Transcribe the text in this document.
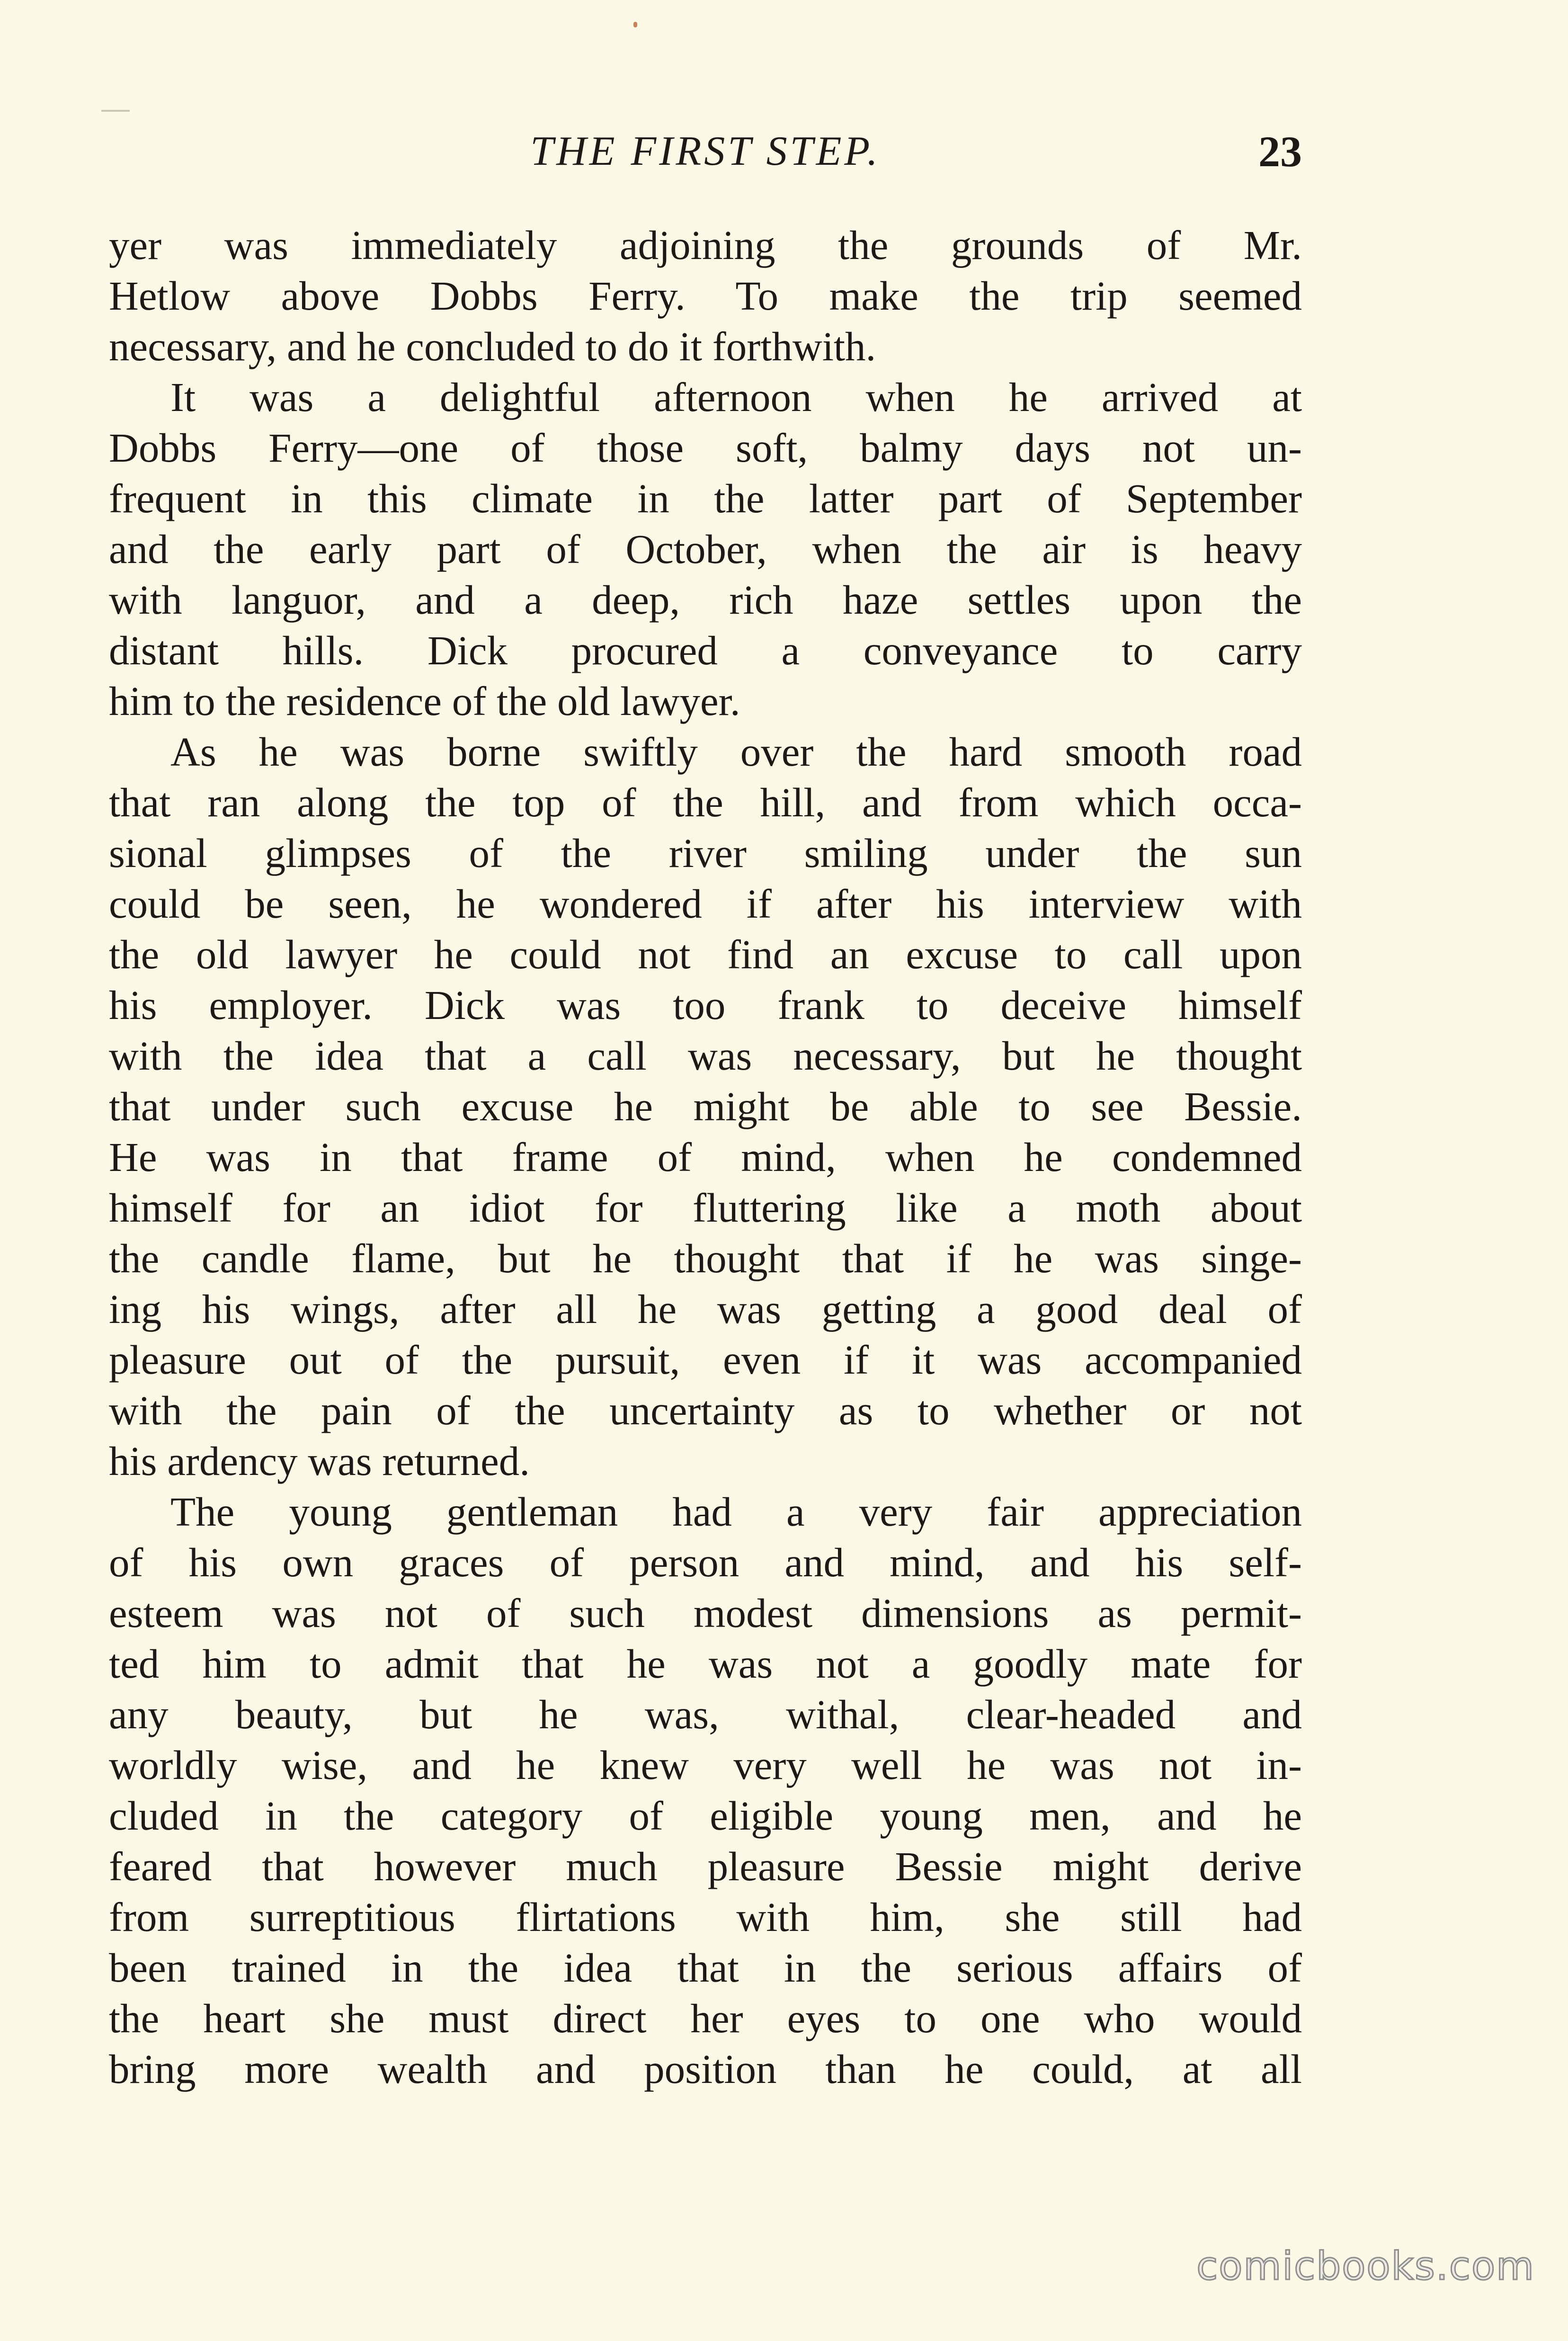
THE FIRST STEP.	23
yer was immediately adjoining the grounds of Mr.
Hetlow above Dobbs Ferry. To make the trip seemed
necessary, and he concluded to do it forthwith.
It was a delightful afternoon when he arrived at
Dobbs Ferry—one of those soft, balmy days not un-
frequent in this climate in the latter part of September
and the early part of October, when the air is heavy
with languor, and a deep, rich haze settles upon the
distant hills. Dick procured a conveyance to carry
him to the residence of the old lawyer.
As he was borne swiftly over the hard smooth road
that ran along the top of the hill, and from which occa-
sional glimpses of the river smiling under the sun
could be seen, he wondered if after his interview with
the old lawyer he could not find an excuse to call upon
his employer. Dick was too frank to deceive himself
with the idea that a call was necessary, but he thought
that under such excuse he might be able to see Bessie.
He was in that frame of mind, when he condemned
himself for an idiot for fluttering like a moth about
the candle flame, but he thought that if he was singe-
ing his wings, after all he was getting a good deal of
pleasure out of the pursuit, even if it was accompanied
with the pain of the uncertainty as to whether or not
his ardency was returned.
The young gentleman had a very fair appreciation
of his own graces of person and mind, and his self-
esteem was not of such modest dimensions as permit-
ted him to admit that he was not a goodly mate for
any beauty, but he was, withal, clear-headed and
worldly wise, and he knew very well he was not in-
cluded in the category of eligible young men, and he
feared that however much pleasure Bessie might derive
from surreptitious flirtations with him, she still had
been trained in the idea that in the serious affairs of
the heart she must direct her eyes to one who would
bring more wealth and position than he could, at all
comicbooks.com
